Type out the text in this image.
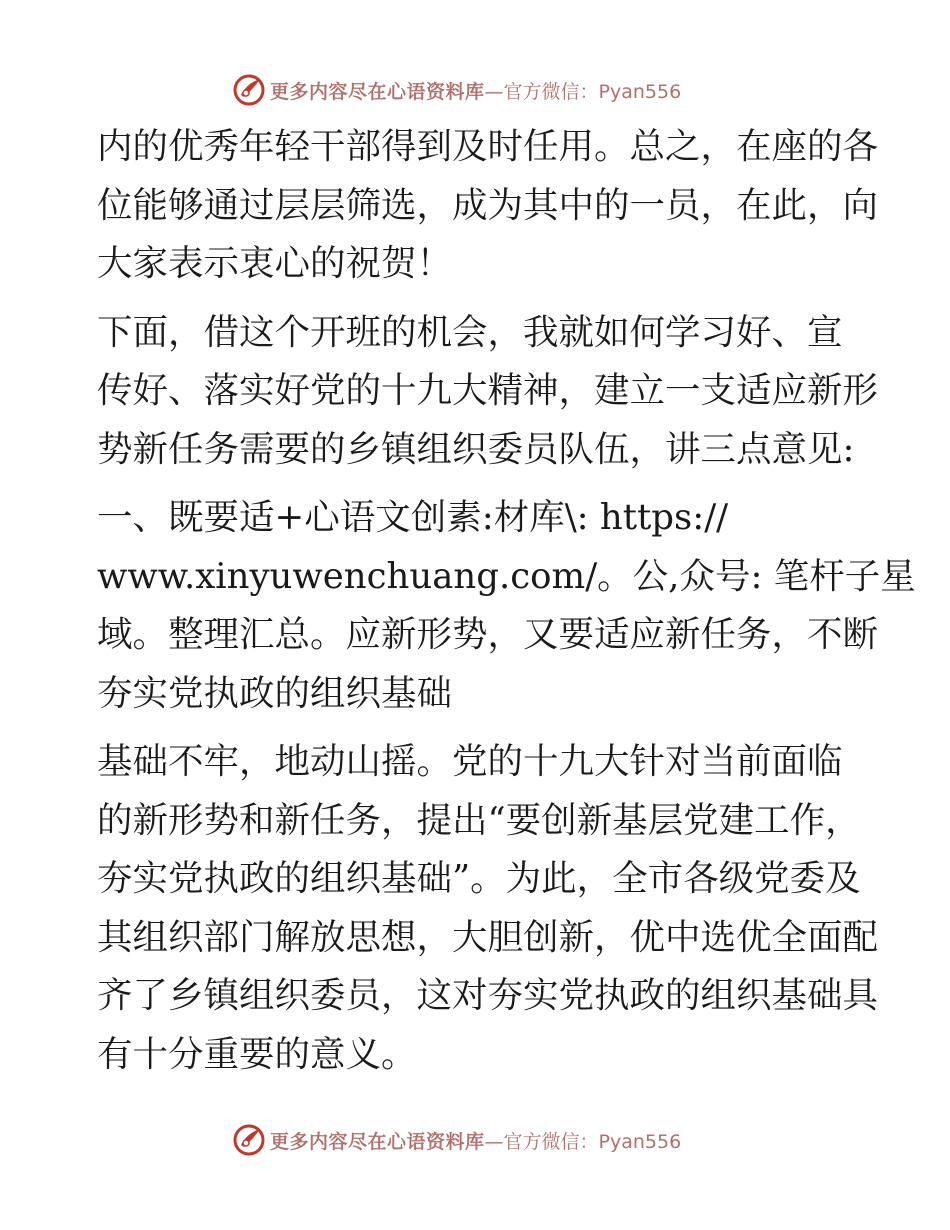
更多内容尽在心语资料库 —官方微信：Pyan556
内的优秀年轻干部得到及时任用。总之，在座的各
位能够通过层层筛选，成为其中的一员，在此，向
大家表示衷心的祝贺！
下面，借这个开班的机会，我就如何学习好、宣
传好、落实好党的十九大精神，建立一支适应新形
势新任务需要的乡镇组织委员队伍，讲三点意见:
一、既要适+心语文创素:材库\: https://
www.xinyuwenchuang.com/。公,众号: 笔杆子星
域。整理汇总。应新形势，又要适应新任务，不断
夯实党执政的组织基础
基础不牢，地动山摇。党的十九大针对当前面临
的新形势和新任务，提出“要创新基层党建工作，
夯实党执政的组织基础”。为此，全市各级党委及
其组织部门解放思想，大胆创新，优中选优全面配
齐了乡镇组织委员，这对夯实党执政的组织基础具
有十分重要的意义。
更多内容尽在心语资料库 —官方微信：Pyan556
